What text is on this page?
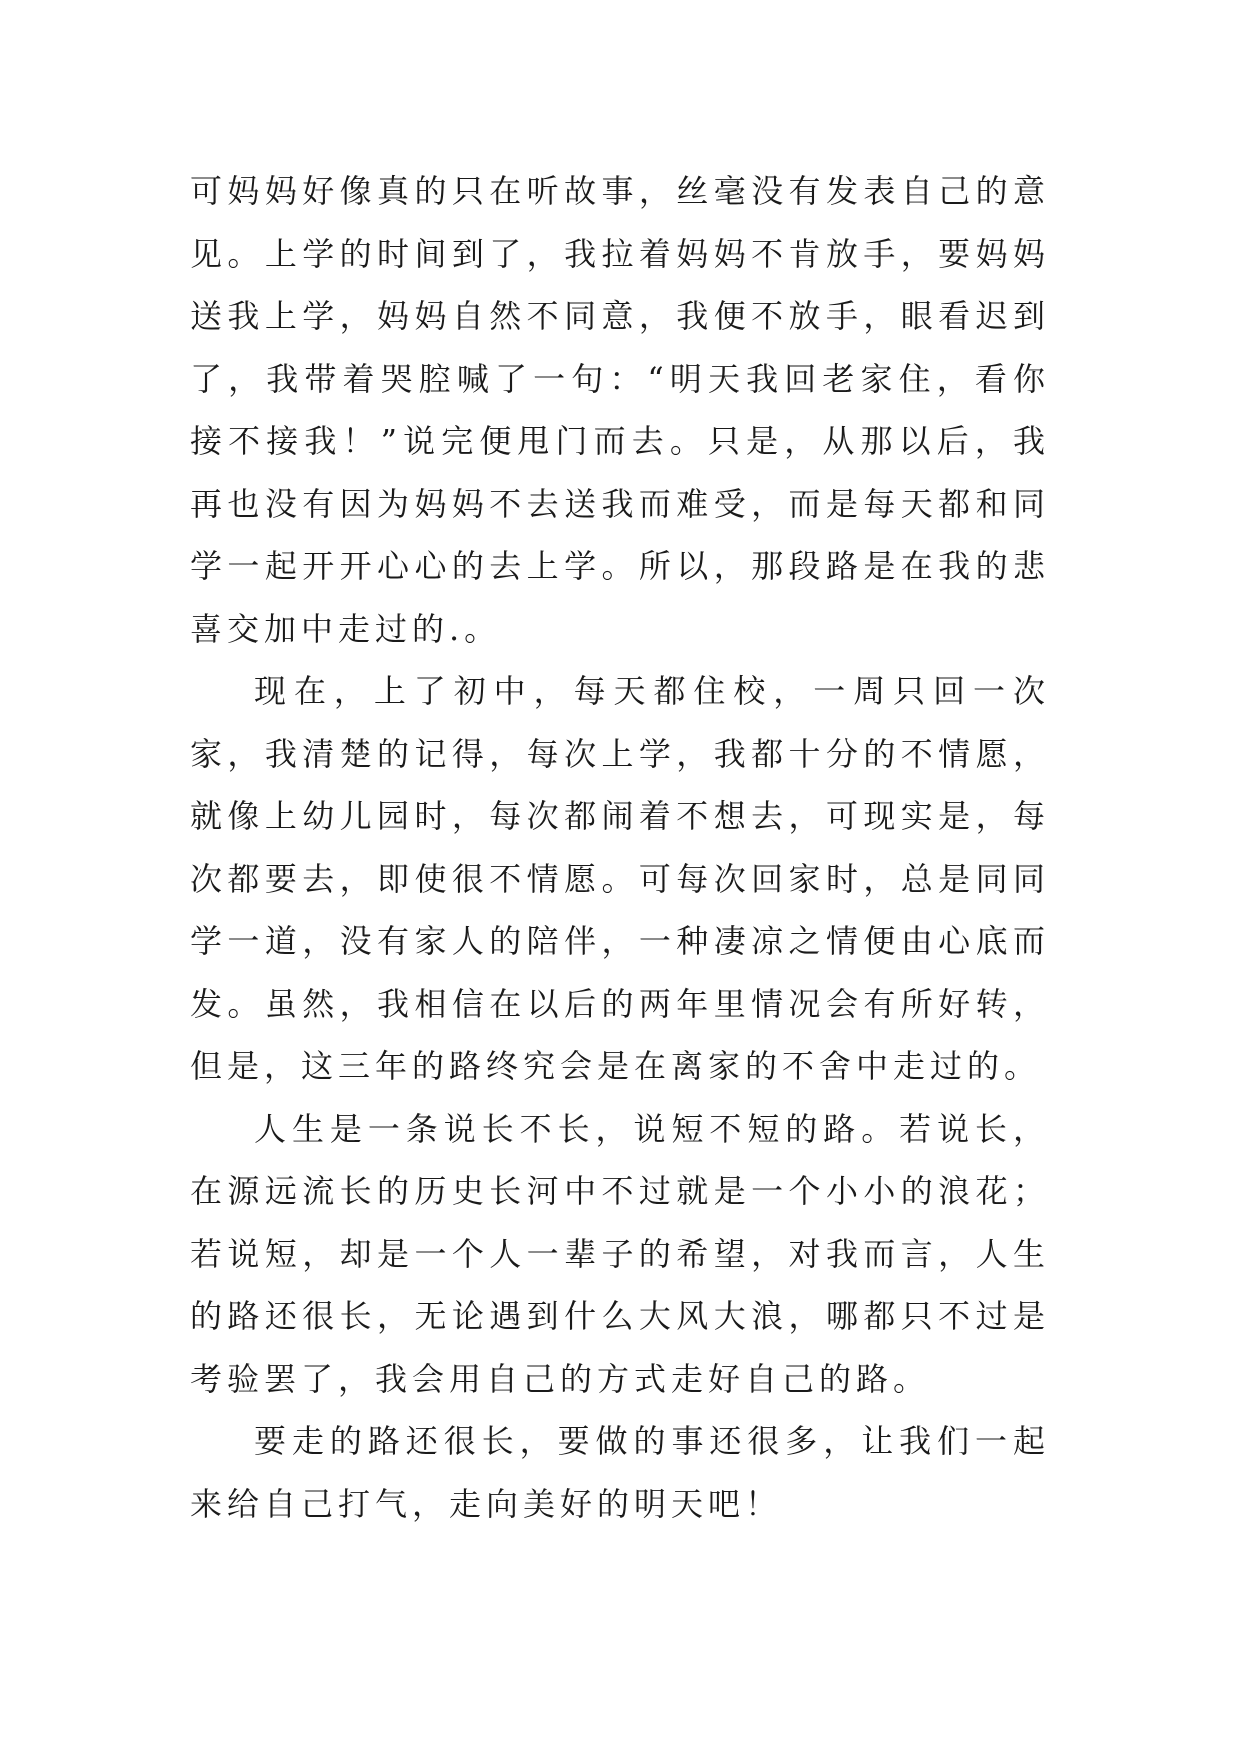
可妈妈好像真的只在听故事，丝毫没有发表自己的意见。上学的时间到了，我拉着妈妈不肯放手，要妈妈送我上学，妈妈自然不同意，我便不放手，眼看迟到了，我带着哭腔喊了一句：“明天我回老家住，看你接不接我！”说完便甩门而去。只是，从那以后，我再也没有因为妈妈不去送我而难受，而是每天都和同学一起开开心心的去上学。所以，那段路是在我的悲喜交加中走过的.。

现在，上了初中，每天都住校，一周只回一次家，我清楚的记得，每次上学，我都十分的不情愿，就像上幼儿园时，每次都闹着不想去，可现实是，每次都要去，即使很不情愿。可每次回家时，总是同同学一道，没有家人的陪伴，一种凄凉之情便由心底而发。虽然，我相信在以后的两年里情况会有所好转，但是，这三年的路终究会是在离家的不舍中走过的。

人生是一条说长不长，说短不短的路。若说长，在源远流长的历史长河中不过就是一个小小的浪花；若说短，却是一个人一辈子的希望，对我而言，人生的路还很长，无论遇到什么大风大浪，哪都只不过是考验罢了，我会用自己的方式走好自己的路。

要走的路还很长，要做的事还很多，让我们一起来给自己打气，走向美好的明天吧！
